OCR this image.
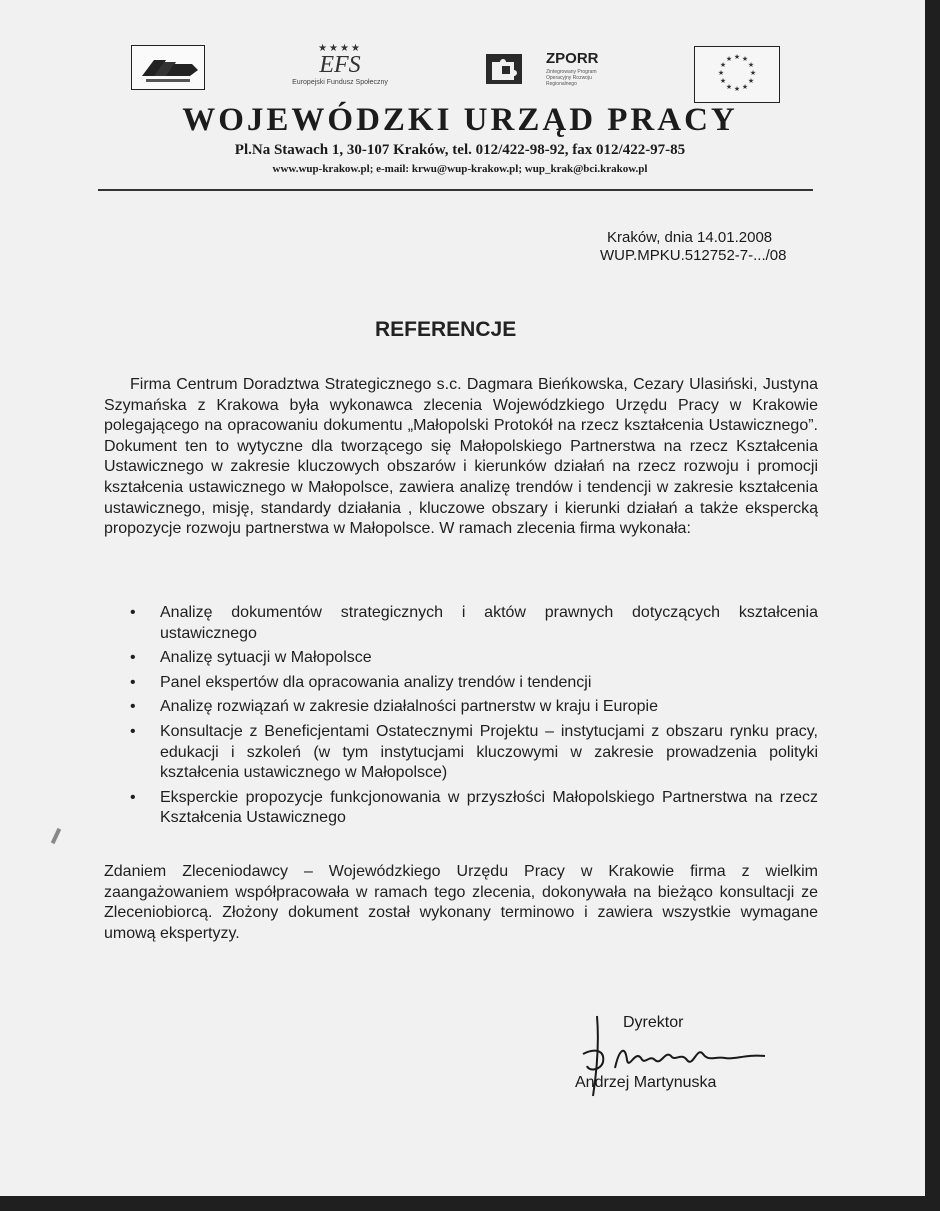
★★★★
EFS
Europejski Fundusz Społeczny
ZPORR
Zintegrowany Program Operacyjny Rozwoju Regionalnego
★ ★
★
★
★
★
★
★
★
★
★
★
WOJEWÓDZKI URZĄD PRACY
Pl.Na Stawach 1, 30-107 Kraków, tel. 012/422-98-92, fax 012/422-97-85
www.wup-krakow.pl; e-mail: krwu@wup-krakow.pl; wup_krak@bci.krakow.pl
Kraków, dnia 14.01.2008
WUP.MPKU.512752-7-.../08
REFERENCJE
Firma Centrum Doradztwa Strategicznego s.c. Dagmara Bieńkowska, Cezary Ulasiński, Justyna Szymańska z Krakowa była wykonawca zlecenia Wojewódzkiego Urzędu Pracy w Krakowie polegającego na opracowaniu dokumentu „Małopolski Protokół na rzecz kształcenia Ustawicznego”. Dokument ten to wytyczne dla tworzącego się Małopolskiego Partnerstwa na rzecz Kształcenia Ustawicznego w zakresie kluczowych obszarów i kierunków działań na rzecz rozwoju i promocji kształcenia ustawicznego w Małopolsce, zawiera analizę trendów i tendencji w zakresie kształcenia ustawicznego, misję, standardy działania , kluczowe obszary i kierunki działań a także ekspercką propozycje rozwoju partnerstwa w Małopolsce. W ramach zlecenia firma wykonała:
• Analizę dokumentów strategicznych i aktów prawnych dotyczących kształcenia ustawicznego
• Analizę sytuacji w Małopolsce
• Panel ekspertów dla opracowania analizy trendów i tendencji
• Analizę rozwiązań w zakresie działalności partnerstw w kraju i Europie
• Konsultacje z Beneficjentami Ostatecznymi Projektu – instytucjami z obszaru rynku pracy, edukacji i szkoleń (w tym instytucjami kluczowymi w zakresie prowadzenia polityki kształcenia ustawicznego w Małopolsce)
• Eksperckie propozycje funkcjonowania w przyszłości Małopolskiego Partnerstwa na rzecz Kształcenia Ustawicznego
Zdaniem Zleceniodawcy – Wojewódzkiego Urzędu Pracy w Krakowie firma z wielkim zaangażowaniem współpracowała w ramach tego zlecenia, dokonywała na bieżąco konsultacji ze Zleceniobiorcą. Złożony dokument został wykonany terminowo i zawiera wszystkie wymagane umową ekspertyzy.
Dyrektor
Andrzej Martynuska
